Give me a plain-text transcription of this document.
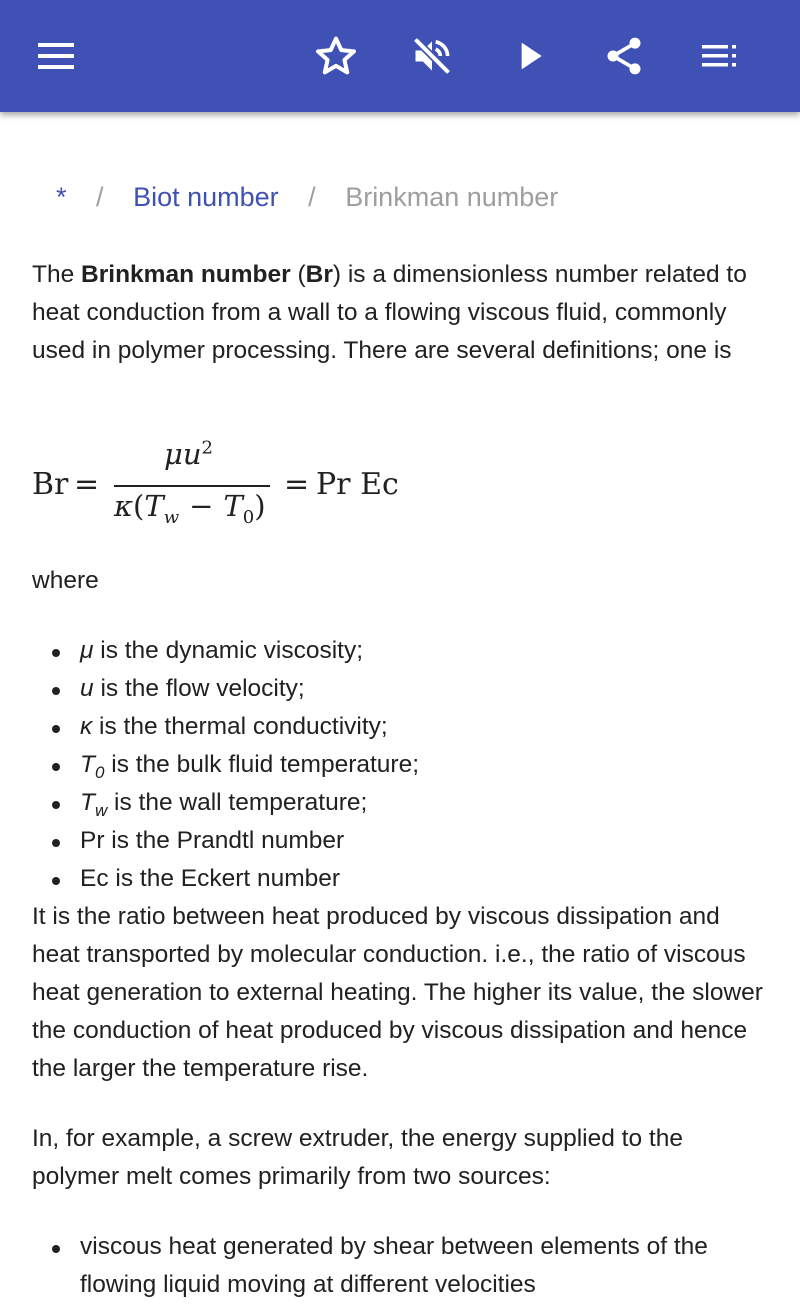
* / Biot number / Brinkman number

The Brinkman number (Br) is a dimensionless number related to heat conduction from a wall to a flowing viscous fluid, commonly used in polymer processing. There are several definitions; one is

Br =
$\mu u^2$
$\kappa(T_w - T_0)$
= Pr Ec

where

μ is the dynamic viscosity;
u is the flow velocity;
κ is the thermal conductivity;
$T_0$ is the bulk fluid temperature;
$T_w$ is the wall temperature;
Pr is the Prandtl number
Ec is the Eckert number

It is the ratio between heat produced by viscous dissipation and heat transported by molecular conduction. i.e., the ratio of viscous heat generation to external heating. The higher its value, the slower the conduction of heat produced by viscous dissipation and hence the larger the temperature rise.

In, for example, a screw extruder, the energy supplied to the polymer melt comes primarily from two sources:

viscous heat generated by shear between elements of the flowing liquid moving at different velocities
